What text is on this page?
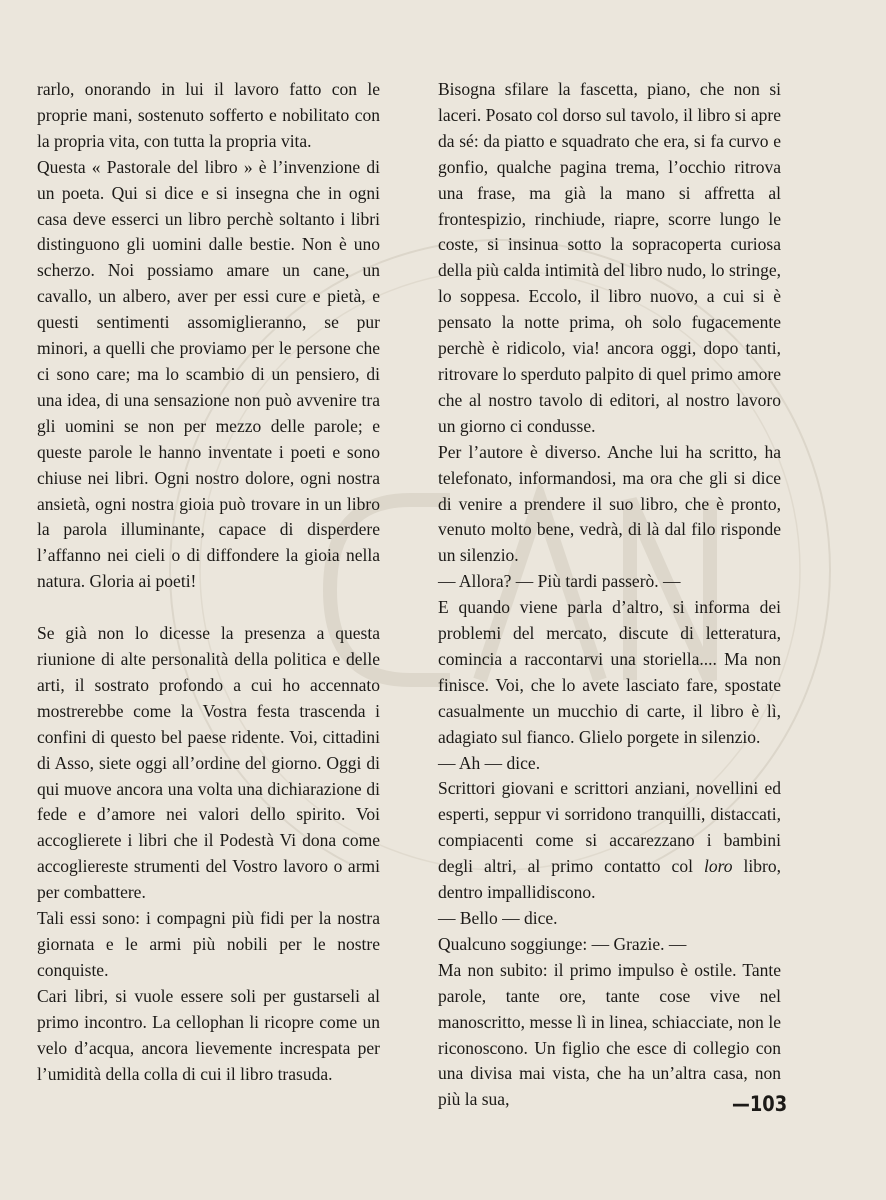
rarlo, onorando in lui il lavoro fatto con le proprie mani, sostenuto sofferto e nobilitato con la propria vita, con tutta la propria vita.

Questa « Pastorale del libro » è l’invenzione di un poeta. Qui si dice e si insegna che in ogni casa deve esserci un libro perchè soltanto i libri distinguono gli uomini dalle bestie. Non è uno scherzo. Noi possiamo amare un cane, un cavallo, un albero, aver per essi cure e pietà, e questi sentimenti assomiglieranno, se pur minori, a quelli che proviamo per le persone che ci sono care; ma lo scambio di un pensiero, di una idea, di una sensazione non può avvenire tra gli uomini se non per mezzo delle parole; e queste parole le hanno inventate i poeti e sono chiuse nei libri. Ogni nostro dolore, ogni nostra ansietà, ogni nostra gioia può trovare in un libro la parola illuminante, capace di disperdere l’affanno nei cieli o di diffondere la gioia nella natura. Gloria ai poeti!

Se già non lo dicesse la presenza a questa riunione di alte personalità della politica e delle arti, il sostrato profondo a cui ho accennato mostrerebbe come la Vostra festa trascenda i confini di questo bel paese ridente. Voi, cittadini di Asso, siete oggi all’ordine del giorno. Oggi di qui muove ancora una volta una dichiarazione di fede e d’amore nei valori dello spirito. Voi accoglierete i libri che il Podestà Vi dona come accogliereste strumenti del Vostro lavoro o armi per combattere.

Tali essi sono: i compagni più fidi per la nostra giornata e le armi più nobili per le nostre conquiste.

Cari libri, si vuole essere soli per gustarseli al primo incontro. La cellophan li ricopre come un velo d’acqua, ancora lievemente increspata per l’umidità della colla di cui il libro trasuda.

Bisogna sfilare la fascetta, piano, che non si laceri. Posato col dorso sul tavolo, il libro si apre da sé: da piatto e squadrato che era, si fa curvo e gonfio, qualche pagina trema, l’occhio ritrova una frase, ma già la mano si affretta al frontespizio, rinchiude, riapre, scorre lungo le coste, si insinua sotto la sopracoperta curiosa della più calda intimità del libro nudo, lo stringe, lo soppesa. Eccolo, il libro nuovo, a cui si è pensato la notte prima, oh solo fugacemente perchè è ridicolo, via! ancora oggi, dopo tanti, ritrovare lo sperduto palpito di quel primo amore che al nostro tavolo di editori, al nostro lavoro un giorno ci condusse.

Per l’autore è diverso. Anche lui ha scritto, ha telefonato, informandosi, ma ora che gli si dice di venire a prendere il suo libro, che è pronto, venuto molto bene, vedrà, di là dal filo risponde un silenzio.

— Allora? — Più tardi passerò. —

E quando viene parla d’altro, si informa dei problemi del mercato, discute di letteratura, comincia a raccontarvi una storiella.... Ma non finisce. Voi, che lo avete lasciato fare, spostate casualmente un mucchio di carte, il libro è lì, adagiato sul fianco. Glielo porgete in silenzio.

— Ah — dice.

Scrittori giovani e scrittori anziani, novellini ed esperti, seppur vi sorridono tranquilli, distaccati, compiacenti come si accarezzano i bambini degli altri, al primo contatto col loro libro, dentro impallidiscono.

— Bello — dice.

Qualcuno soggiunge: — Grazie. —

Ma non subito: il primo impulso è ostile. Tante parole, tante ore, tante cose vive nel manoscritto, messe lì in linea, schiacciate, non le riconoscono. Un figlio che esce di collegio con una divisa mai vista, che ha un’altra casa, non più la sua,	—103
